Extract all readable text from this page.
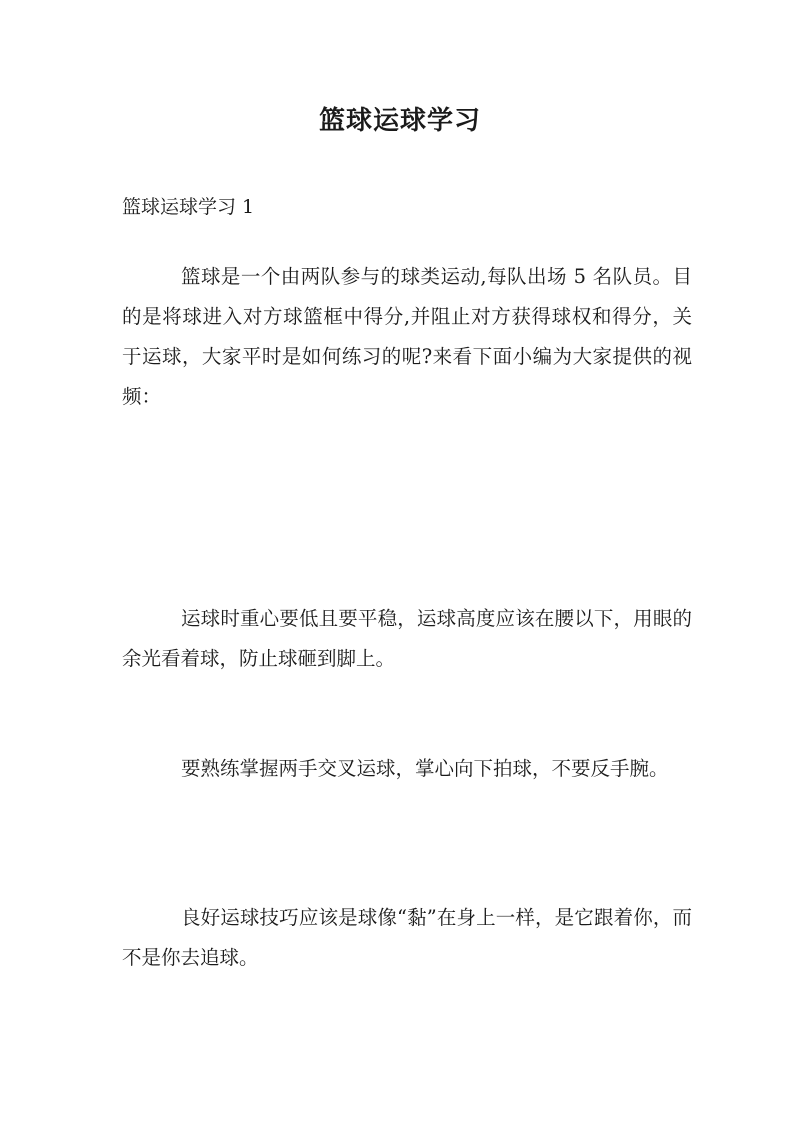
篮球运球学习

篮球运球学习 1

篮球是一个由两队参与的球类运动,每队出场 5 名队员。目的是将球进入对方球篮框中得分,并阻止对方获得球权和得分，关于运球，大家平时是如何练习的呢?来看下面小编为大家提供的视频：

运球时重心要低且要平稳，运球高度应该在腰以下，用眼的余光看着球，防止球砸到脚上。

要熟练掌握两手交叉运球，掌心向下拍球，不要反手腕。

良好运球技巧应该是球像“黏”在身上一样，是它跟着你，而不是你去追球。
